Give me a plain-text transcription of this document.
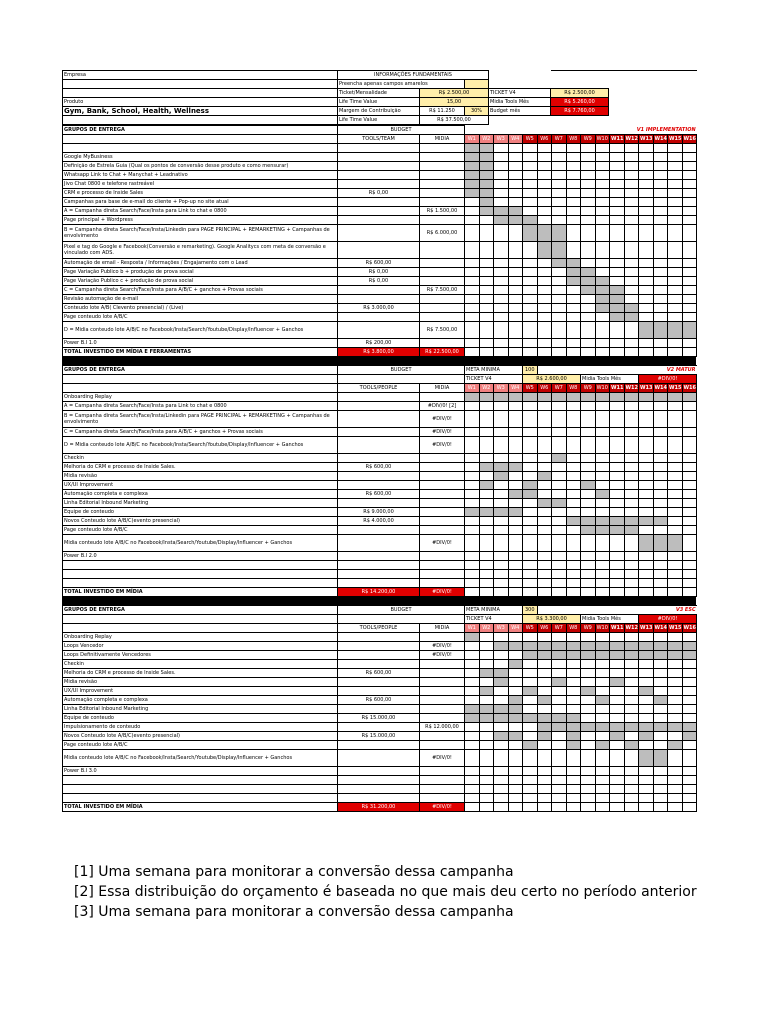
Empresa	INFORMAÇÕES FUNDAMENTAIS					
	Preencha apenas campos amarelos					
	Ticket/Mensalidade	R$ 2.500,00		TICKET V4	R$ 2.500,00	
Produto	Life Time Value	15,00		Midia Tools Mês	R$ 5.260,00	
Gym, Bank, School, Health, Wellness	Margem de Contribuição	R$ 11.250	30%	Budget mês	R$ 7.760,00	
	Life Time Value	R$ 37.500,00				
GRUPOS DE ENTREGA	BUDGET		V1 IMPLEMENTATION															
	TOOLS/TEAM	MIDIA	W1	W2	W3	W4	W5	W6	W7	W8	W9	W10	W11	W12	W13	W14	W15	W16

Google MyBusiness																		
Definição de Estrela Guia (Qual os pontos de conversão desse produto e como mensurar)																		
Whatsapp Link to Chat + Manychat + Leadnativo																		
Jivo Chat 0800 e telefone rastreável																		
CRM e processo de Inside Sales	R$ 0,00																	
Campanhas para base de e-mail do cliente + Pop-up no site atual																		
A = Campanha direta Search/Face/Insta para Link to chat e 0800		R$ 1.500,00																
Page principal + Wordpress																		
B = Campanha direta Search/Face/Insta/Linkedin para PAGE PRINCIPAL + REMARKETING + Campanhas de envolvimento		R$ 6.000,00																
Pixel e tag do Google e Facebook(Conversão e remarketing). Google Analitycs com meta de conversão e vinculado com ADS.																		
Automação de email - Resposta / Informações / Engajamento com o Lead	R$ 600,00																	
Page Variação Publico b + produção de prova social	R$ 0,00																	
Page Variação Publico c + produção de prova social	R$ 0,00																	
C = Campanha direta Search/Face/Insta para A/B/C + ganchos + Provas sociais		R$ 7.500,00																
Revisão automação de e-mail																		
Conteudo lote A/B( Clevento presencial) / (Live)	R$ 3.000,00																	
Page conteudo lote A/B/C																		
D = Midia conteudo lote A/B/C no Facebook/Insta/Search/Youtube/Display/Influencer + Ganchos		R$ 7.500,00																
Power B.I 1.0	R$ 200,00																	
TOTAL INVESTIDO EM MÍDIA E FERRAMENTAS	R$ 3.800,00	R$ 22.500,00																
GRUPOS DE ENTREGA	BUDGET		META MINIMA				100	V2 MATUR										
			TICKET V4				R$ 2.600,00				Midia Tools Mês				#DIV/0!			
	TOOLS/PEOPLE	MIDIA	W1	W2	W3	W4	W5	W6	W7	W8	W9	W10	W11	W12	W13	W14	W15	W16
Onboarding Replay																		
A = Campanha direta Search/Face/Insta para Link to chat e 0800		#DIV/0! [2]																
B = Campanha direta Search/Face/Insta/Linkedin para PAGE PRINCIPAL + REMARKETING + Campanhas de envolvimento		#DIV/0!																
C = Campanha direta Search/Face/Insta para A/B/C + ganchos + Provas sociais		#DIV/0!																
D = Midia conteudo lote A/B/C no Facebook/Insta/Search/Youtube/Display/Influencer + Ganchos		#DIV/0!																
Checkin																		
Melhoria do CRM e processo de Inside Sales.	R$ 600,00																	
Midia revisão																		
UX/UI Improvement																		
Automação completa e complexa	R$ 600,00																	
Linha Editorial Inbound Marketing																		
Equipe de conteudo	R$ 9.000,00																	
Novos Conteudo lote A/B/C(evento presencial)	R$ 4.000,00																	
Page conteudo lote A/B/C																		
Midia conteudo lote A/B/C no Facebook/Insta/Search/Youtube/Display/Influencer + Ganchos		#DIV/0!																
Power B.I 2.0																		

TOTAL INVESTIDO EM MÍDIA	R$ 14.200,00	#DIV/0!																
GRUPOS DE ENTREGA	BUDGET		META MINIMA				300	V3 ESC										
			TICKET V4				R$ 3.300,00				Midia Tools Mês				#DIV/0!			
	TOOLS/PEOPLE	MIDIA	W1	W2	W3	W4	W5	W6	W7	W8	W9	W10	W11	W12	W13	W14	W15	W16
Onboarding Replay																		
Loops Vencedor		#DIV/0!																
Loops Definitivamente Vencedores		#DIV/0!																
Checkin																		
Melhoria do CRM e processo de Inside Sales.	R$ 600,00																	
Midia revisão																		
UX/UI Improvement																		
Automação completa e complexa	R$ 600,00																	
Linha Editorial Inbound Marketing																		
Equipe de conteudo	R$ 15.000,00																	
Impulsionamento de conteudo		R$ 12.000,00																
Novos Conteudo lote A/B/C(evento presencial)	R$ 15.000,00																	
Page conteudo lote A/B/C																		
Midia conteudo lote A/B/C no Facebook/Insta/Search/Youtube/Display/Influencer + Ganchos		#DIV/0!																
Power B.I 3.0																		

TOTAL INVESTIDO EM MÍDIA	R$ 31.200,00	#DIV/0!																
[1] Uma semana para monitorar a conversão dessa campanha
[2] Essa distribuição do orçamento é baseada no que mais deu certo no período anterior
[3] Uma semana para monitorar a conversão dessa campanha
